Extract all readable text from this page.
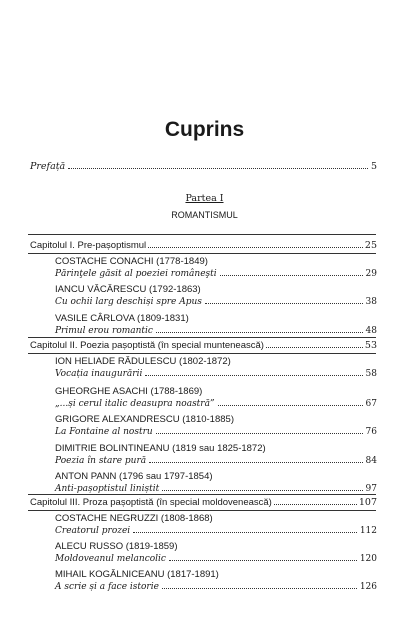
Cuprins
Prefață	5
Partea I
ROMANTISMUL
Capitolul I. Pre-pașoptismul	25
COSTACHE CONACHI (1778-1849)
Părinţele găsit al poeziei româneşti	29
IANCU VĂCĂRESCU (1792-1863)
Cu ochii larg deschiși spre Apus	38
VASILE CÂRLOVA (1809-1831)
Primul erou romantic	48
Capitolul II. Poezia pașoptistă (în special muntenească)	53
ION HELIADE RĂDULESCU (1802-1872)
Vocația inaugurării	58
GHEORGHE ASACHI (1788-1869)
„...și cerul italic deasupra noastră”	67
GRIGORE ALEXANDRESCU (1810-1885)
La Fontaine al nostru	76
DIMITRIE BOLINTINEANU (1819 sau 1825-1872)
Poezia în stare pură	84
ANTON PANN (1796 sau 1797-1854)
Anti-pașoptistul liniștit	97
Capitolul III. Proza pașoptistă (în special moldovenească)	107
COSTACHE NEGRUZZI (1808-1868)
Creatorul prozei	112
ALECU RUSSO (1819-1859)
Moldoveanul melancolic	120
MIHAIL KOGĂLNICEANU (1817-1891)
A scrie și a face istorie	126
